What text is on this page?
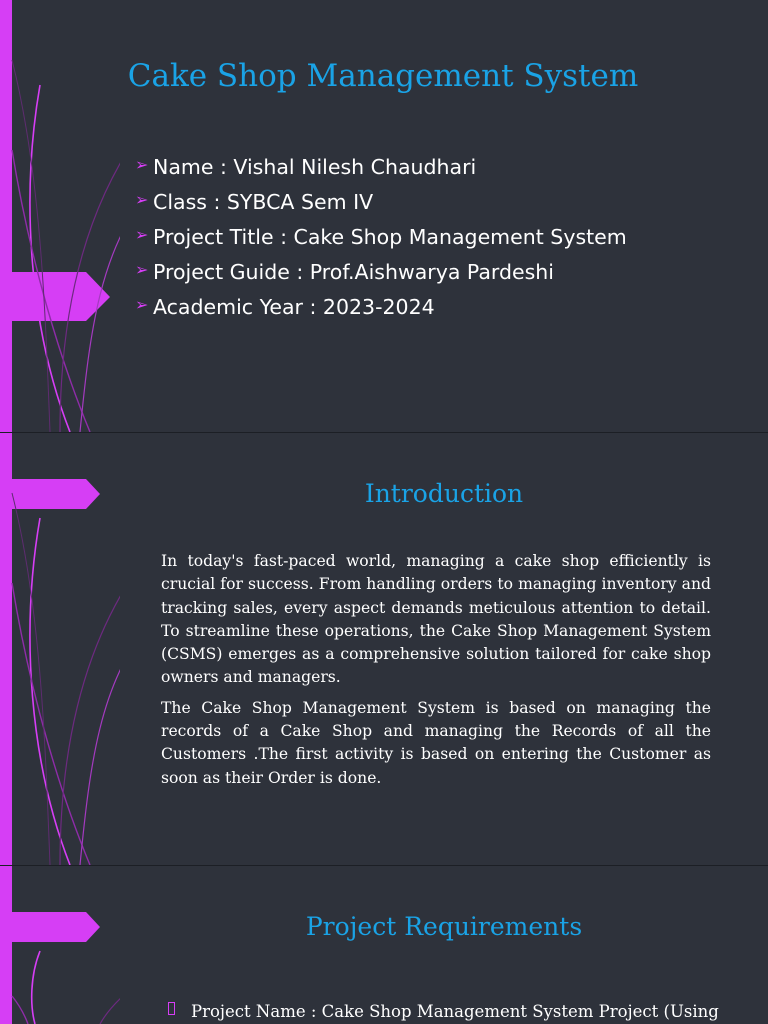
Cake Shop Management System
➢ Name : Vishal Nilesh Chaudhari
➢ Class : SYBCA Sem IV
➢ Project Title : Cake Shop Management System
➢ Project Guide : Prof.Aishwarya Pardeshi
➢ Academic Year : 2023-2024
Introduction

In today's fast-paced world, managing a cake shop efficiently is crucial for success. From handling orders to managing inventory and tracking sales, every aspect demands meticulous attention to detail. To streamline these operations, the Cake Shop Management System (CSMS) emerges as a comprehensive solution tailored for cake shop owners and managers.

The Cake Shop Management System is based on managing the records of a Cake Shop and managing the Records of all the Customers .The first activity is based on entering the Customer as soon as their Order is done.

Project Requirements
Project Name : Cake Shop Management System Project (Using
